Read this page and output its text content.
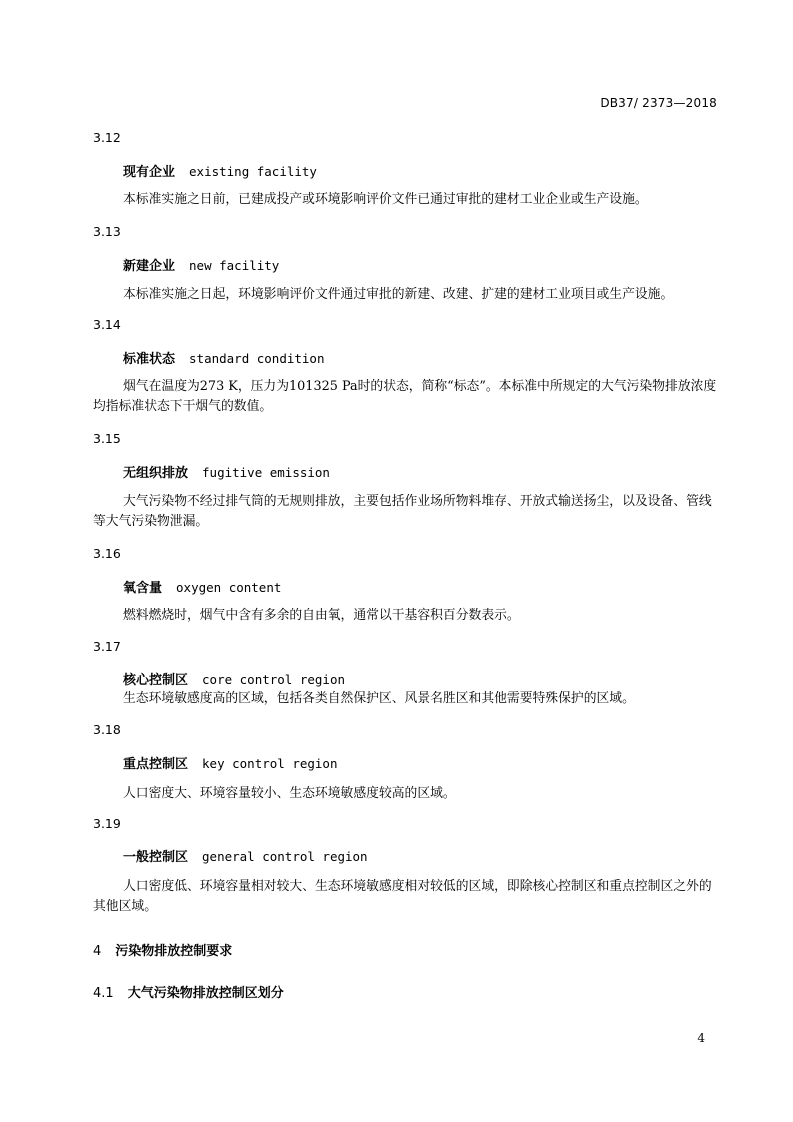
DB37/ 2373—2018
3.12
现有企业 existing facility
本标准实施之日前，已建成投产或环境影响评价文件已通过审批的建材工业企业或生产设施。
3.13
新建企业 new facility
本标准实施之日起，环境影响评价文件通过审批的新建、改建、扩建的建材工业项目或生产设施。
3.14
标准状态 standard condition
烟气在温度为273 K，压力为101325 Pa时的状态，简称“标态”。本标准中所规定的大气污染物排放浓度均指标准状态下干烟气的数值。
3.15
无组织排放 fugitive emission
大气污染物不经过排气筒的无规则排放，主要包括作业场所物料堆存、开放式输送扬尘，以及设备、管线等大气污染物泄漏。
3.16
氧含量 oxygen content
燃料燃烧时，烟气中含有多余的自由氧，通常以干基容积百分数表示。
3.17
核心控制区 core control region
生态环境敏感度高的区域，包括各类自然保护区、风景名胜区和其他需要特殊保护的区域。
3.18
重点控制区 key control region
人口密度大、环境容量较小、生态环境敏感度较高的区域。
3.19
一般控制区 general control region
人口密度低、环境容量相对较大、生态环境敏感度相对较低的区域，即除核心控制区和重点控制区之外的其他区域。
4 污染物排放控制要求
4.1 大气污染物排放控制区划分
4
